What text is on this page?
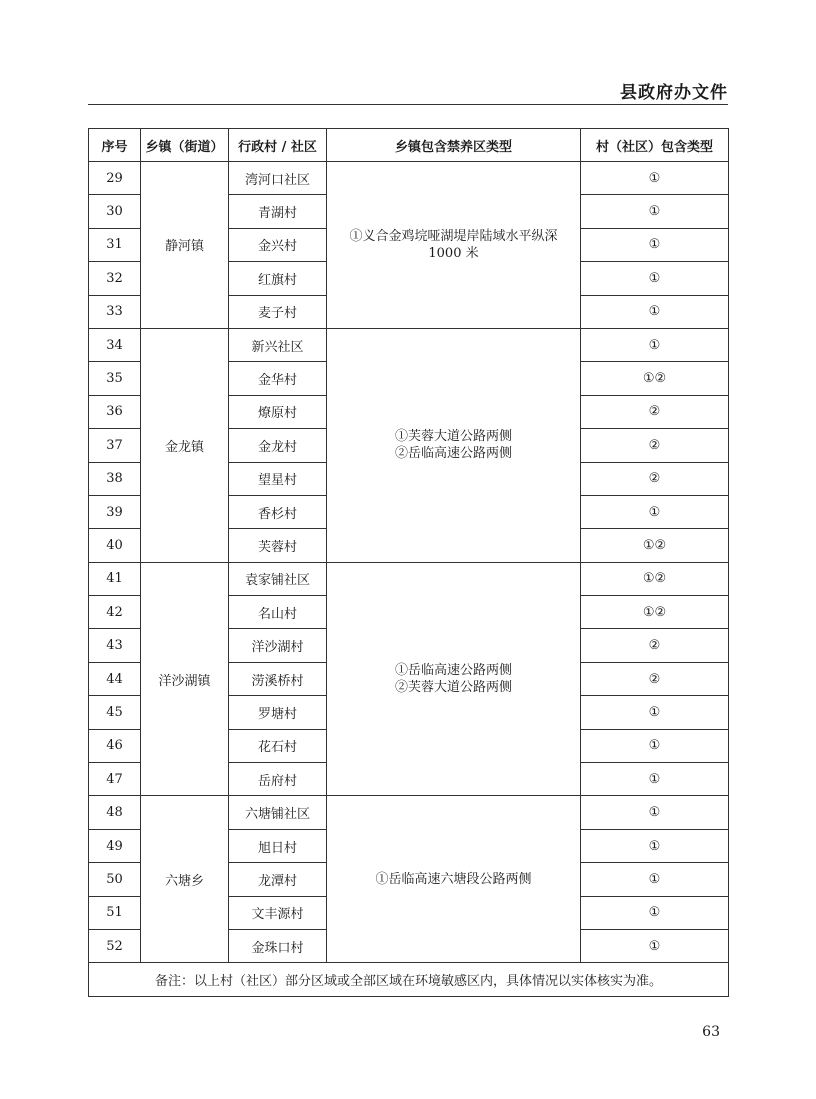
县政府办文件
序号	乡镇（街道）	行政村 / 社区	乡镇包含禁养区类型	村（社区）包含类型
29	静河镇	湾河口社区	①义合金鸡垸哑湖堤岸陆域水平纵深
1000 米	①
30		青湖村		①
31		金兴村		①
32		红旗村		①
33		麦子村		①
34	金龙镇	新兴社区	①芙蓉大道公路两侧
②岳临高速公路两侧	①
35		金华村		①②
36		燎原村		②
37		金龙村		②
38		望星村		②
39		香杉村		①
40		芙蓉村		①②
41	洋沙湖镇	袁家铺社区	①岳临高速公路两侧
②芙蓉大道公路两侧	①②
42		名山村		①②
43		洋沙湖村		②
44		涝溪桥村		②
45		罗塘村		①
46		花石村		①
47		岳府村		①
48	六塘乡	六塘铺社区	①岳临高速六塘段公路两侧	①
49		旭日村		①
50		龙潭村		①
51		文丰源村		①
52		金珠口村		①
备注：以上村（社区）部分区域或全部区域在环境敏感区内，具体情况以实体核实为准。				
63
